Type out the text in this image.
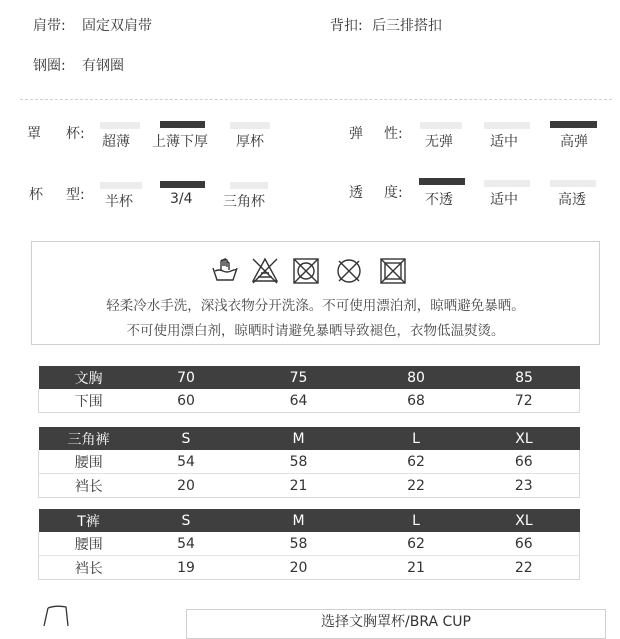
肩带: 固定双肩带	背扣: 后三排搭扣
钢圈: 有钢圈
罩 杯: 超薄 上薄下厚 厚杯	弹 性: 无弹	适中	高弹
杯 型: 半杯	3/4 三角杯
透 度: 不透	适中	高透
轻柔冷水手洗，深浅衣物分开洗涤。不可使用漂泊剂，晾晒避免暴晒。
不可使用漂白剂，晾晒时请避免暴晒导致褪色，衣物低温熨烫。
文胸	70	75	80	85
下围	60	64	68	72
三角裤	S	M	L	XL
腰围	54	58	62	66
裆长	20	21	22	23
T裤	S	M	L	XL
腰围	54	58	62	66
裆长	19	20	21	22
选择文胸罩杯/BRA CUP
